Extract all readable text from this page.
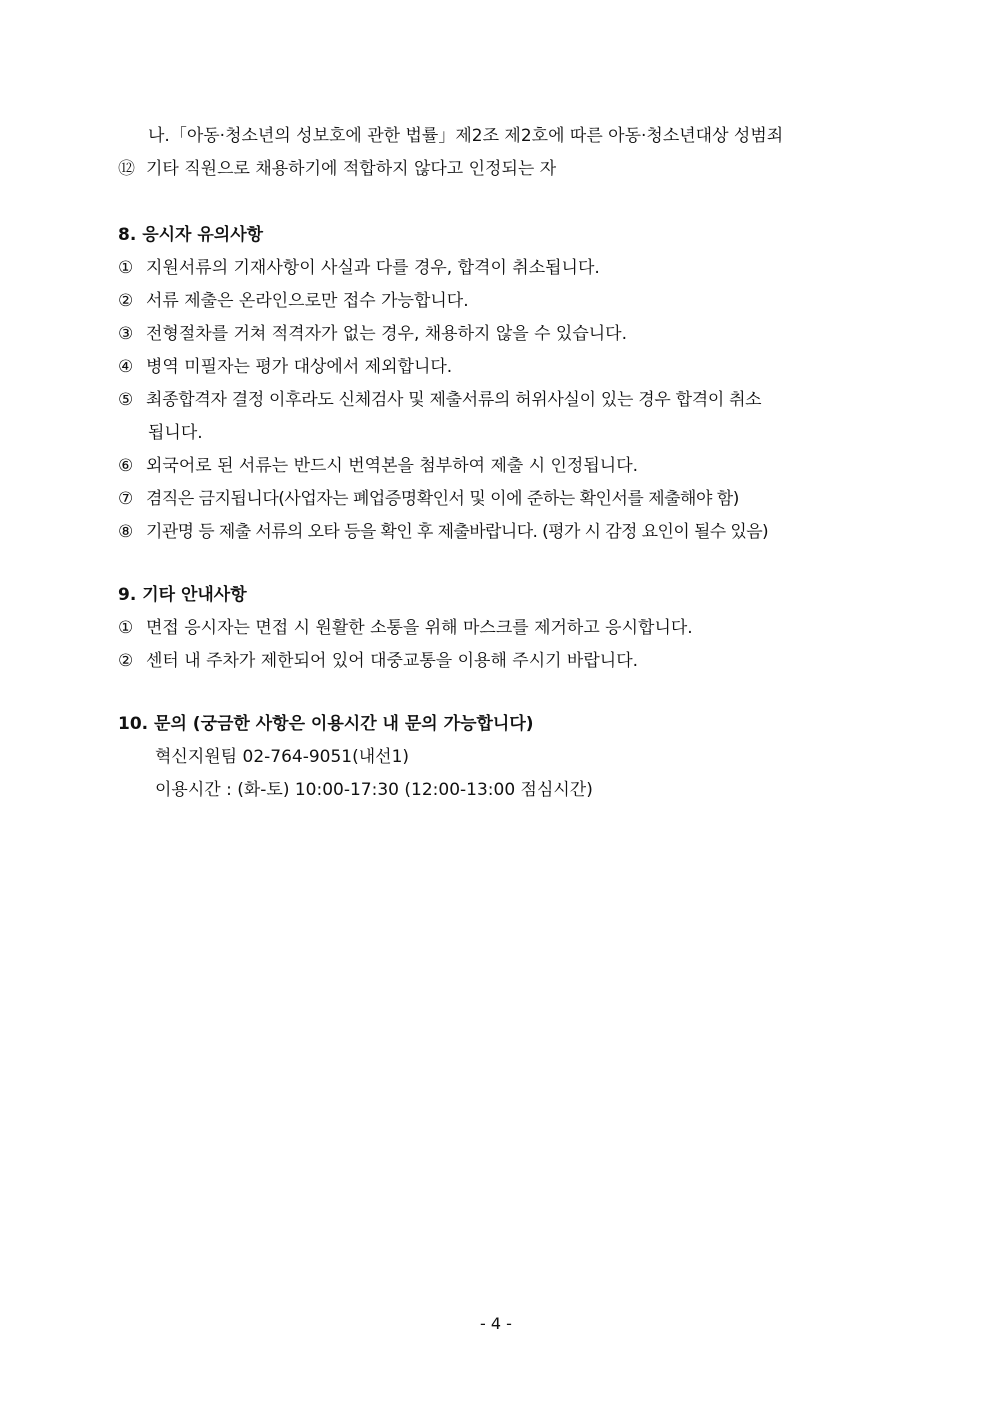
나.「아동·청소년의 성보호에 관한 법률」제2조 제2호에 따른 아동·청소년대상 성범죄
⑫ 기타 직원으로 채용하기에 적합하지 않다고 인정되는 자
8. 응시자 유의사항
① 지원서류의 기재사항이 사실과 다를 경우, 합격이 취소됩니다.
② 서류 제출은 온라인으로만 접수 가능합니다.
③ 전형절차를 거쳐 적격자가 없는 경우, 채용하지 않을 수 있습니다.
④ 병역 미필자는 평가 대상에서 제외합니다.
⑤ 최종합격자 결정 이후라도 신체검사 및 제출서류의 허위사실이 있는 경우 합격이 취소
됩니다.
⑥ 외국어로 된 서류는 반드시 번역본을 첨부하여 제출 시 인정됩니다.
⑦ 겸직은 금지됩니다(사업자는 폐업증명확인서 및 이에 준하는 확인서를 제출해야 함)
⑧ 기관명 등 제출 서류의 오타 등을 확인 후 제출바랍니다. (평가 시 감정 요인이 될수 있음)
9. 기타 안내사항
① 면접 응시자는 면접 시 원활한 소통을 위해 마스크를 제거하고 응시합니다.
② 센터 내 주차가 제한되어 있어 대중교통을 이용해 주시기 바랍니다.
10. 문의 (궁금한 사항은 이용시간 내 문의 가능합니다)
혁신지원팀 02-764-9051(내선1)
이용시간 : (화-토) 10:00-17:30 (12:00-13:00 점심시간)
- 4 -
